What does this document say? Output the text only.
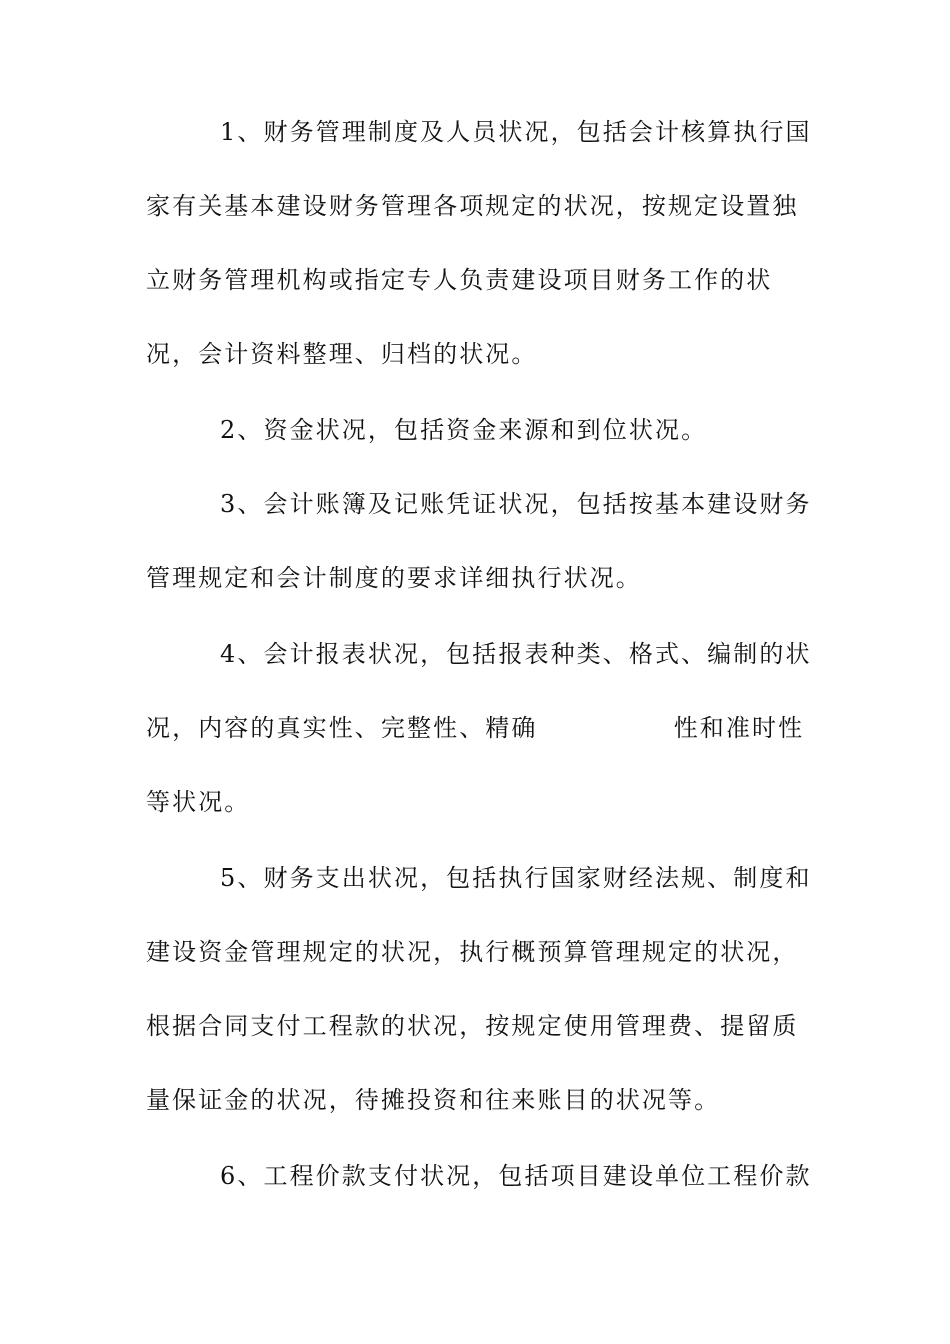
1、财务管理制度及人员状况，包括会计核算执行国

家有关基本建设财务管理各项规定的状况，按规定设置独

立财务管理机构或指定专人负责建设项目财务工作的状

况，会计资料整理、归档的状况。

2、资金状况，包括资金来源和到位状况。

3、会计账簿及记账凭证状况，包括按基本建设财务

管理规定和会计制度的要求详细执行状况。

4、会计报表状况，包括报表种类、格式、编制的状

况，内容的真实性、完整性、精确              性和准时性

等状况。

5、财务支出状况，包括执行国家财经法规、制度和

建设资金管理规定的状况，执行概预算管理规定的状况，

根据合同支付工程款的状况，按规定使用管理费、提留质

量保证金的状况，待摊投资和往来账目的状况等。

6、工程价款支付状况，包括项目建设单位工程价款
